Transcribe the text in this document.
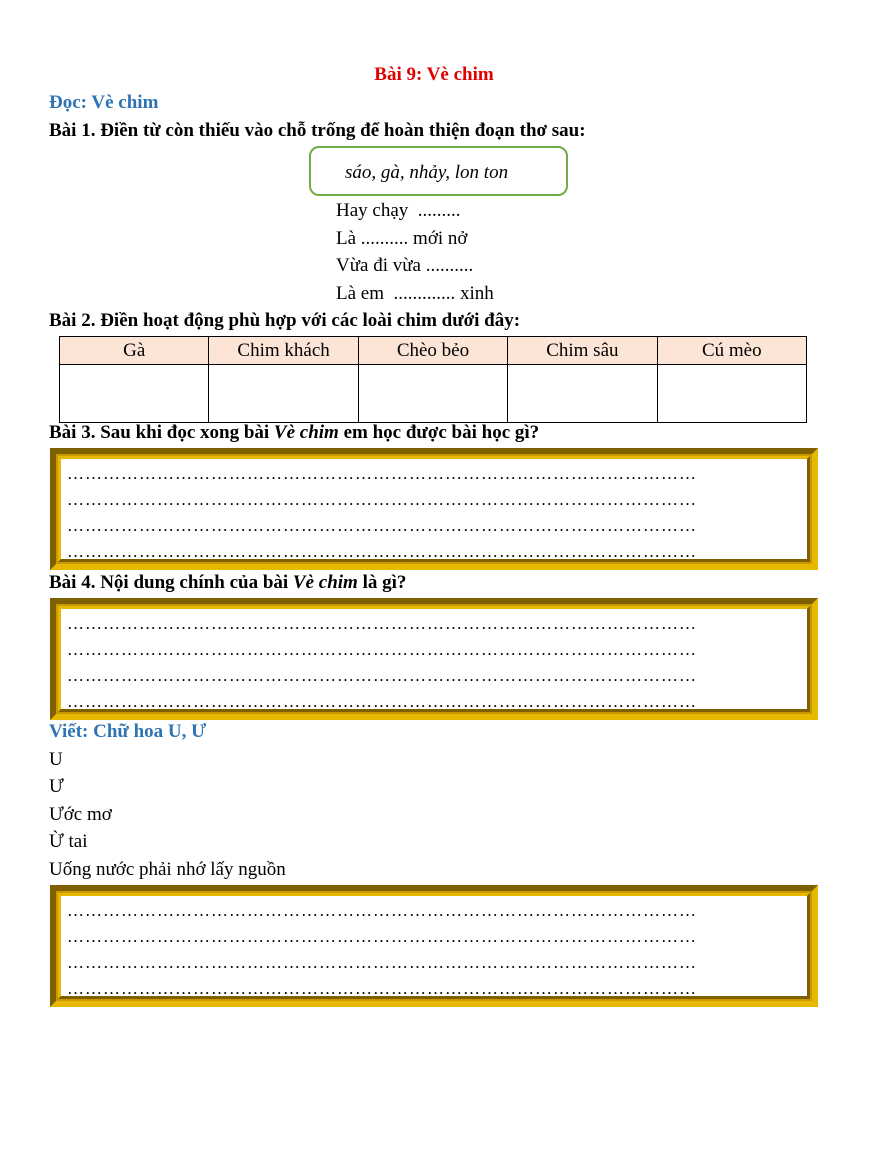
Bài 9: Vè chim
Đọc: Vè chim
Bài 1. Điền từ còn thiếu vào chỗ trống để hoàn thiện đoạn thơ sau:
sáo, gà, nhảy, lon ton
Hay chạy  .........
Là .......... mới nở
Vừa đi vừa ..........
Là em  ............. xinh
Bài 2. Điền hoạt động phù hợp với các loài chim dưới đây:
Gà	Chim khách	Chèo bẻo	Chim sâu	Cú mèo

Bài 3. Sau khi đọc xong bài Vè chim em học được bài học gì?
……………………………………………………………………………………………
……………………………………………………………………………………………
……………………………………………………………………………………………
……………………………………………………………………………………………
Bài 4. Nội dung chính của bài Vè chim là gì?
……………………………………………………………………………………………
……………………………………………………………………………………………
……………………………………………………………………………………………
……………………………………………………………………………………………
Viết: Chữ hoa U, Ư
U
Ư
Ước mơ
Ừ tai
Uống nước phải nhớ lấy nguồn
……………………………………………………………………………………………
……………………………………………………………………………………………
……………………………………………………………………………………………
……………………………………………………………………………………………
